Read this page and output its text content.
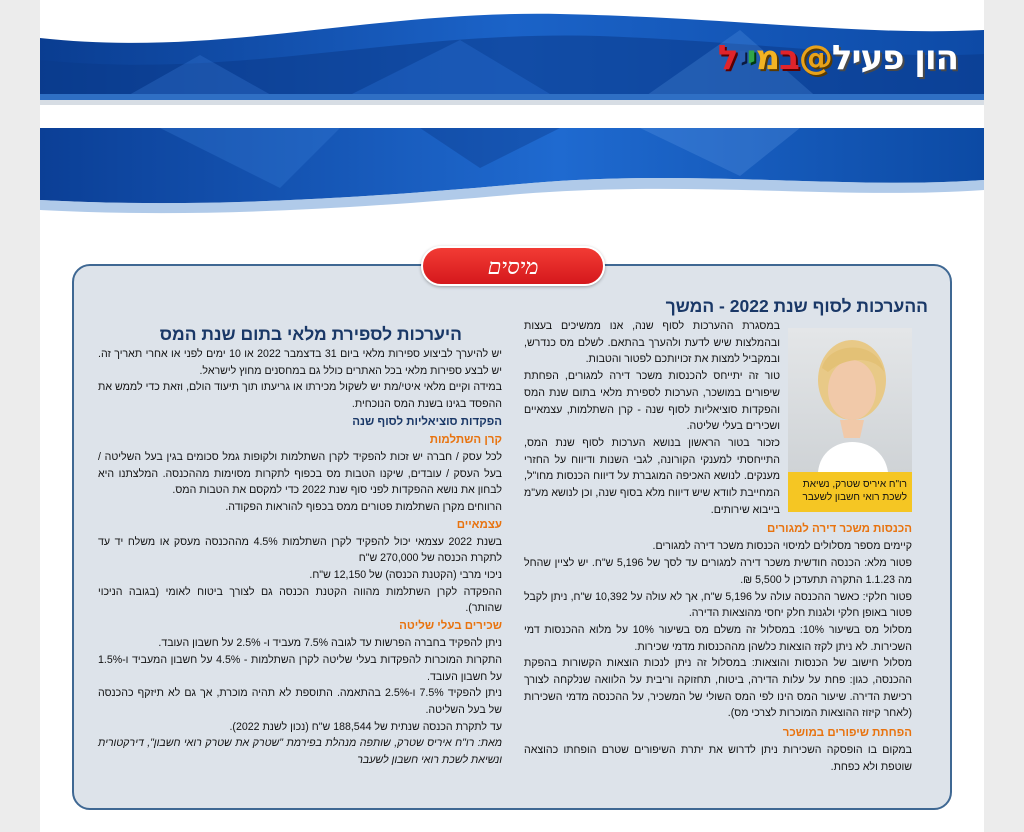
הון פעיל@במייל
מיסים
ההערכות לסוף שנת 2022 - המשך
היערכות לספירת מלאי בתום שנת המס
רו"ח איריס שטרק, נשיאת לשכת רואי חשבון לשעבר

במסגרת ההערכות לסוף שנה, אנו ממשיכים בעצות ובהמלצות שיש לדעת ולהערך בהתאם. לשלם מס כנדרש, ובמקביל למצות את זכויותכם לפטור והטבות.

טור זה יתייחס להכנסות משכר דירה למגורים, הפחתת שיפורים במושכר, הערכות לספירת מלאי בתום שנת המס והפקדות סוציאליות לסוף שנה - קרן השתלמות, עצמאיים ושכירים בעלי שליטה.

כזכור בטור הראשון בנושא הערכות לסוף שנת המס, התייחסתי למענקי הקורונה, לגבי השנות ודיווח על החזרי מענקים. לנושא האכיפה המוגברת על דיווח הכנסות מחו"ל, המחייבת לוודא שיש דיווח מלא בסוף שנה, וכן לנושא מע"מ בייבוא שירותים.

הכנסות משכר דירה למגורים

קיימים מספר מסלולים למיסוי הכנסות משכר דירה למגורים.

פטור מלא: הכנסה חודשית משכר דירה למגורים עד לסך של 5,196 ש"ח. יש לציין שהחל מה 1.1.23 התקרה תתעדכן ל 5,500 ₪.

פטור חלקי: כאשר ההכנסה עולה על 5,196 ש"ח, אך לא עולה על 10,392 ש"ח, ניתן לקבל פטור באופן חלקי ולגנות חלק יחסי מהוצאות הדירה.

מסלול מס בשיעור 10%: במסלול זה משלם מס בשיעור 10% על מלוא ההכנסות דמי השכירות. לא ניתן לקזז הוצאות כלשהן מההכנסות מדמי שכירות.

מסלול חישוב של הכנסות והוצאות: במסלול זה ניתן לנכות הוצאות הקשורות בהפקת ההכנסה, כגון: פחת על עלות הדירה, ביטוח, תחזוקה וריבית על הלוואה שנלקחה לצורך רכישת הדירה. שיעור המס הינו לפי המס השולי של המשכיר, על ההכנסה מדמי השכירות (לאחר קיזוז ההוצאות המוכרות לצרכי מס).

הפחתת שיפורים במושכר

במקום בו הופסקה השכירות ניתן לדרוש את יתרת השיפורים שטרם הופחתו כהוצאה שוטפת ולא כפחת.

יש להיערך לביצוע ספירות מלאי ביום 31 בדצמבר 2022 או 10 ימים לפני או אחרי תאריך זה. יש לבצע ספירות מלאי בכל האתרים כולל גם במחסנים מחוץ לישראל.

במידה וקיים מלאי איטי/מת יש לשקול מכירתו או גריעתו תוך תיעוד הולם, וזאת כדי לממש את ההפסד בגינו בשנת המס הנוכחית.

הפקדות סוציאליות לסוף שנה
קרן השתלמות

לכל עסק / חברה יש זכות להפקיד לקרן השתלמות ולקופות גמל סכומים בגין בעל השליטה / בעל העסק / עובדים, שיקנו הטבות מס בכפוף לתקרות מסוימות מההכנסה. המלצתנו היא לבחון את נושא ההפקדות לפני סוף שנת 2022 כדי למקסם את הטבות המס.

הרווחים מקרן השתלמות פטורים ממס בכפוף להוראות הפקודה.

עצמאיים

בשנת 2022 עצמאי יכול להפקיד לקרן השתלמות 4.5% מההכנסה מעסק או משלח יד עד לתקרת הכנסה של 270,000 ש"ח

ניכוי מרבי (הקטנת הכנסה) של 12,150 ש"ח.

ההפקדה לקרן השתלמות מהווה הקטנת הכנסה גם לצורך ביטוח לאומי (בגובה הניכוי שהותר).

שכירים בעלי שליטה

ניתן להפקיד בחברה הפרשות עד לגובה 7.5% מעביד ו- 2.5% על חשבון העובד.

התקרות המוכרות להפקדות בעלי שליטה לקרן השתלמות - 4.5% על חשבון המעביד ו-1.5% על חשבון העובד.

ניתן להפקיד 7.5% ו-2.5% בהתאמה. התוספת לא תהיה מוכרת, אך גם לא תיזקף כהכנסה של בעל השליטה.

עד לתקרת הכנסה שנתית של 188,544 ש"ח (נכון לשנת 2022).

מאת: רו"ח איריס שטרק, שותפה מנהלת בפירמת "שטרק את שטרק רואי חשבון", דירקטורית ונשיאת לשכת רואי חשבון לשעבר
